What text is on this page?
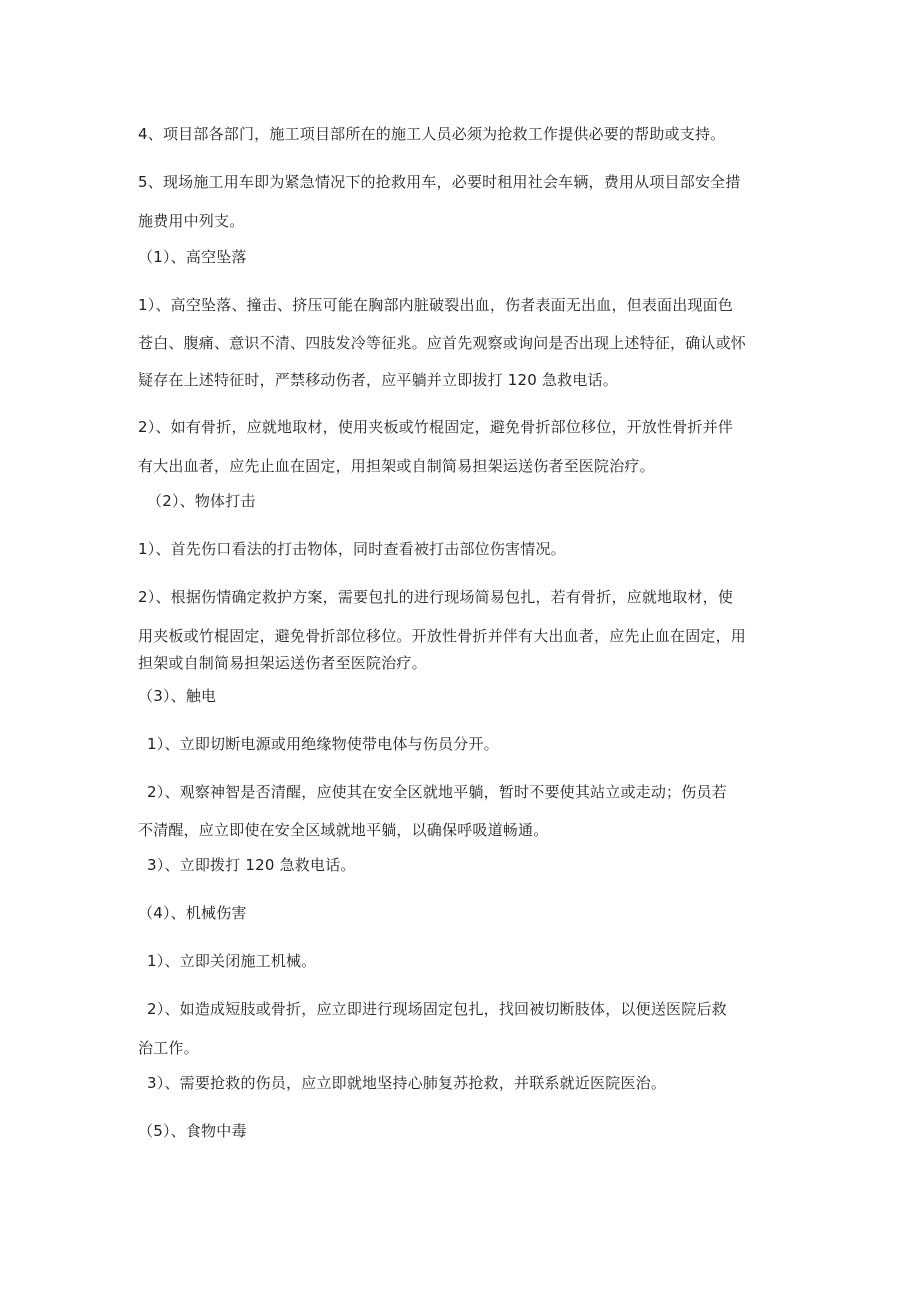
4、项目部各部门，施工项目部所在的施工人员必须为抢救工作提供必要的帮助或支持。
5、现场施工用车即为紧急情况下的抢救用车，必要时租用社会车辆，费用从项目部安全措
施费用中列支。
（1）、高空坠落
1）、高空坠落、撞击、挤压可能在胸部内脏破裂出血，伤者表面无出血，但表面出现面色
苍白、腹痛、意识不清、四肢发冷等征兆。应首先观察或询问是否出现上述特征，确认或怀
疑存在上述特征时，严禁移动伤者，应平躺并立即拔打 120 急救电话。
2）、如有骨折，应就地取材，使用夹板或竹棍固定，避免骨折部位移位，开放性骨折并伴
有大出血者，应先止血在固定，用担架或自制简易担架运送伤者至医院治疗。
（2）、物体打击
1）、首先伤口看法的打击物体，同时查看被打击部位伤害情况。
2）、根据伤情确定救护方案，需要包扎的进行现场简易包扎，若有骨折，应就地取材，使
用夹板或竹棍固定，避免骨折部位移位。开放性骨折并伴有大出血者，应先止血在固定，用
担架或自制简易担架运送伤者至医院治疗。
（3）、触电
1）、立即切断电源或用绝缘物使带电体与伤员分开。
2）、观察神智是否清醒，应使其在安全区就地平躺，暂时不要使其站立或走动；伤员若
不清醒，应立即使在安全区域就地平躺，以确保呼吸道畅通。
3）、立即拨打 120 急救电话。
（4）、机械伤害
1）、立即关闭施工机械。
2）、如造成短肢或骨折，应立即进行现场固定包扎，找回被切断肢体，以便送医院后救
治工作。
3）、需要抢救的伤员，应立即就地坚持心肺复苏抢救，并联系就近医院医治。
（5）、食物中毒
